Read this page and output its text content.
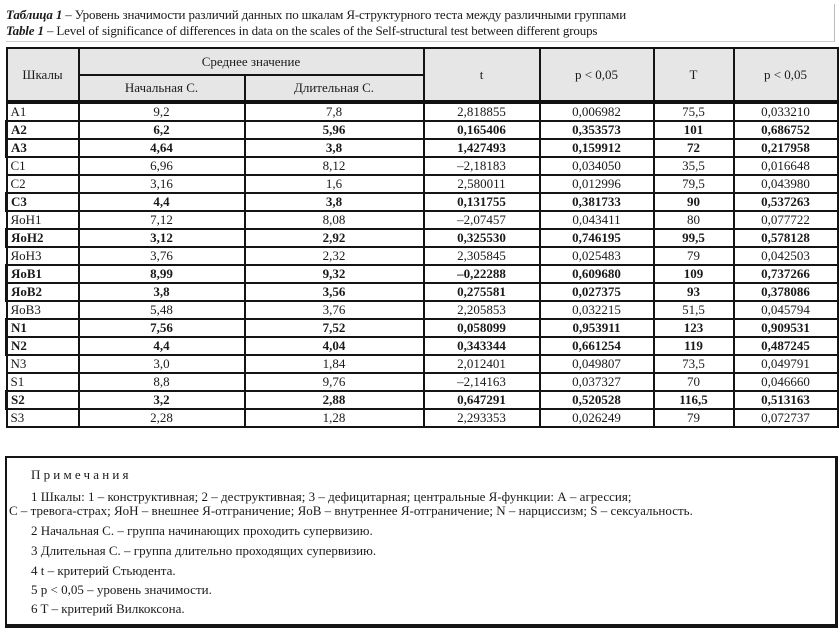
Таблица 1 – Уровень значимости различий данных по шкалам Я-структурного теста между различными группами
Table 1 – Level of significance of differences in data on the scales of the Self-structural test between different groups
Шкалы	Среднее значение		t	p < 0,05	T	p < 0,05
	Начальная С.	Длительная С.				
A1	9,2	7,8	2,818855	0,006982	75,5	0,033210
A2	6,2	5,96	0,165406	0,353573	101	0,686752
A3	4,64	3,8	1,427493	0,159912	72	0,217958
C1	6,96	8,12	–2,18183	0,034050	35,5	0,016648
C2	3,16	1,6	2,580011	0,012996	79,5	0,043980
C3	4,4	3,8	0,131755	0,381733	90	0,537263
ЯоН1	7,12	8,08	–2,07457	0,043411	80	0,077722
ЯоН2	3,12	2,92	0,325530	0,746195	99,5	0,578128
ЯоН3	3,76	2,32	2,305845	0,025483	79	0,042503
ЯоВ1	8,99	9,32	–0,22288	0,609680	109	0,737266
ЯоВ2	3,8	3,56	0,275581	0,027375	93	0,378086
ЯоВ3	5,48	3,76	2,205853	0,032215	51,5	0,045794
N1	7,56	7,52	0,058099	0,953911	123	0,909531
N2	4,4	4,04	0,343344	0,661254	119	0,487245
N3	3,0	1,84	2,012401	0,049807	73,5	0,049791
S1	8,8	9,76	–2,14163	0,037327	70	0,046660
S2	3,2	2,88	0,647291	0,520528	116,5	0,513163
S3	2,28	1,28	2,293353	0,026249	79	0,072737
Примечания
1 Шкалы: 1 – конструктивная; 2 – деструктивная; 3 – дефицитарная; центральные Я-функции: А – агрессия;
С – тревога-страх; ЯоН – внешнее Я-отграничение; ЯоВ – внутреннее Я-отграничение; N – нарциссизм; S – сексуальность.
2 Начальная С. – группа начинающих проходить супервизию.
3 Длительная С. – группа длительно проходящих супервизию.
4 t – критерий Стьюдента.
5 p < 0,05 – уровень значимости.
6 T – критерий Вилкоксона.
